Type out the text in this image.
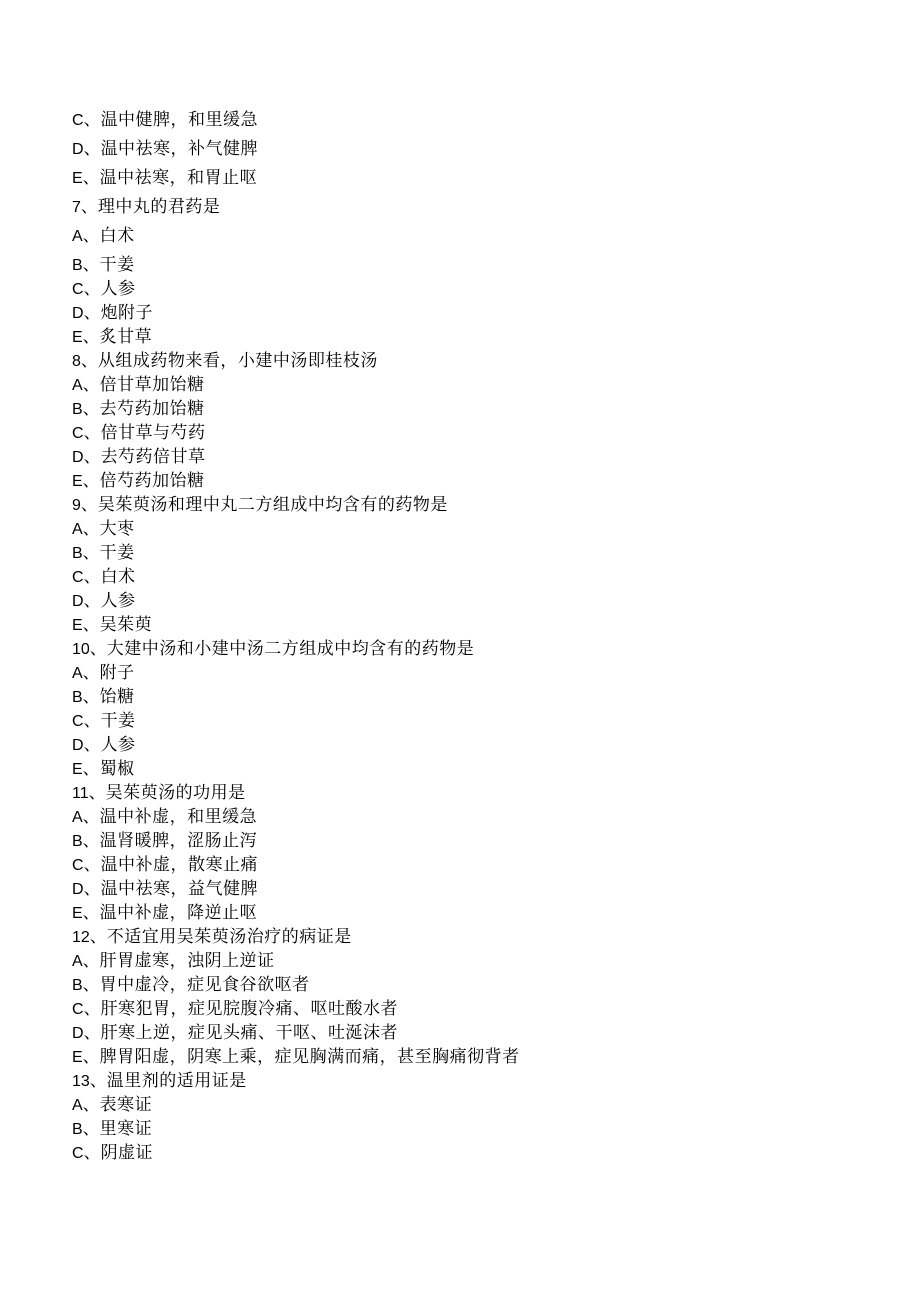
C、温中健脾，和里缓急
D、温中祛寒，补气健脾
E、温中祛寒，和胃止呕
7、理中丸的君药是
A、白术
B、干姜
C、人参
D、炮附子
E、炙甘草
8、从组成药物来看，小建中汤即桂枝汤
A、倍甘草加饴糖
B、去芍药加饴糖
C、倍甘草与芍药
D、去芍药倍甘草
E、倍芍药加饴糖
9、吴茱萸汤和理中丸二方组成中均含有的药物是
A、大枣
B、干姜
C、白术
D、人参
E、吴茱萸
10、大建中汤和小建中汤二方组成中均含有的药物是
A、附子
B、饴糖
C、干姜
D、人参
E、蜀椒
11、吴茱萸汤的功用是
A、温中补虚，和里缓急
B、温肾暖脾，涩肠止泻
C、温中补虚，散寒止痛
D、温中祛寒，益气健脾
E、温中补虚，降逆止呕
12、不适宜用吴茱萸汤治疗的病证是
A、肝胃虚寒，浊阴上逆证
B、胃中虚冷，症见食谷欲呕者
C、肝寒犯胃，症见脘腹冷痛、呕吐酸水者
D、肝寒上逆，症见头痛、干呕、吐涎沫者
E、脾胃阳虚，阴寒上乘，症见胸满而痛，甚至胸痛彻背者
13、温里剂的适用证是
A、表寒证
B、里寒证
C、阴虚证
